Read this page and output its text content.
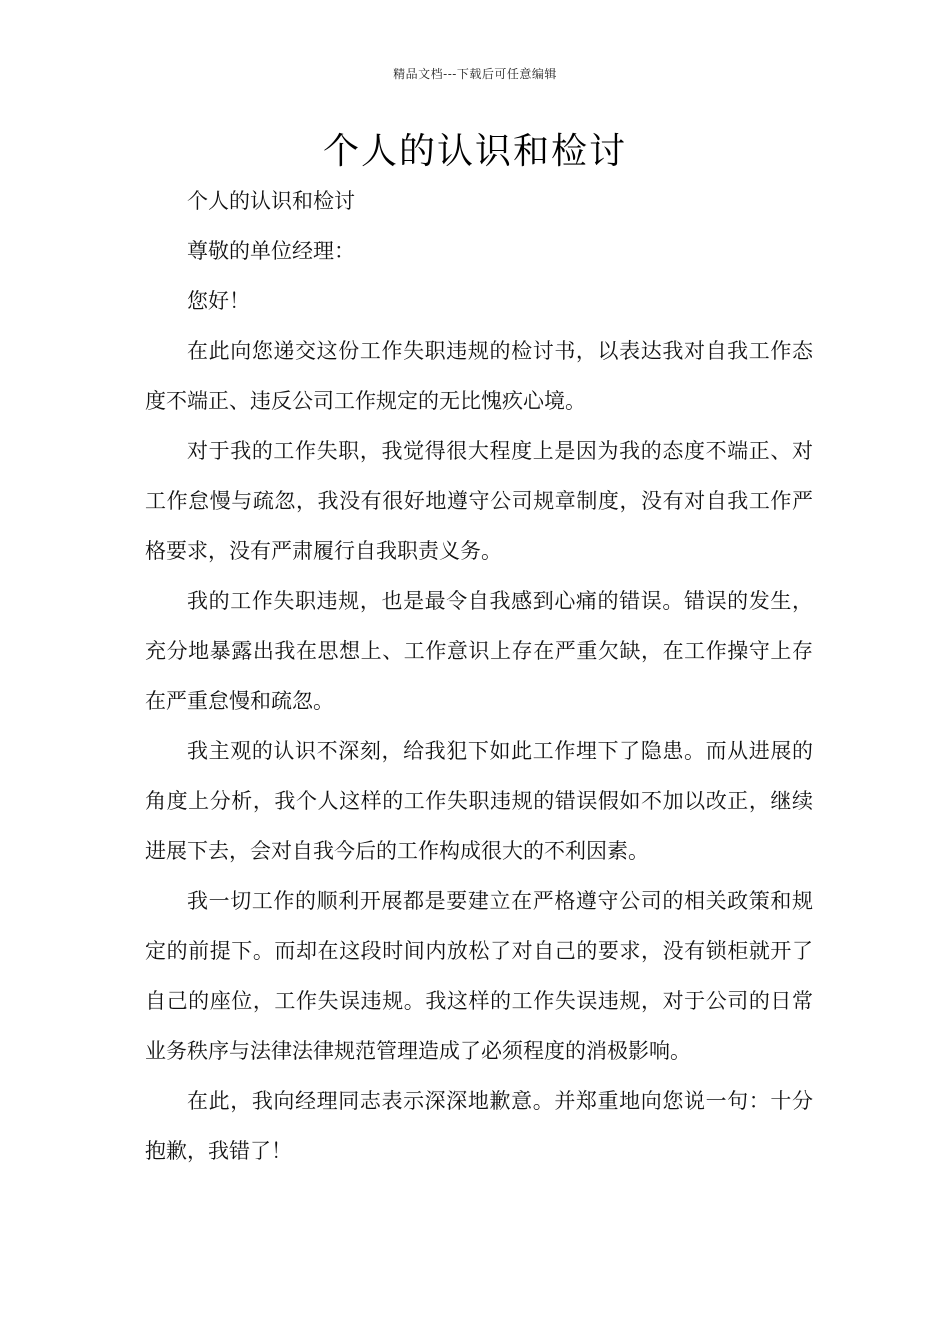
精品文档---下载后可任意编辑
个人的认识和检讨

个人的认识和检讨

尊敬的单位经理：

您好！

在此向您递交这份工作失职违规的检讨书，以表达我对自我工作态度不端正、违反公司工作规定的无比愧疚心境。

对于我的工作失职，我觉得很大程度上是因为我的态度不端正、对工作怠慢与疏忽，我没有很好地遵守公司规章制度，没有对自我工作严格要求，没有严肃履行自我职责义务。

我的工作失职违规，也是最令自我感到心痛的错误。错误的发生，充分地暴露出我在思想上、工作意识上存在严重欠缺，在工作操守上存在严重怠慢和疏忽。

我主观的认识不深刻，给我犯下如此工作埋下了隐患。而从进展的角度上分析，我个人这样的工作失职违规的错误假如不加以改正，继续进展下去，会对自我今后的工作构成很大的不利因素。

我一切工作的顺利开展都是要建立在严格遵守公司的相关政策和规定的前提下。而却在这段时间内放松了对自己的要求，没有锁柜就开了自己的座位，工作失误违规。我这样的工作失误违规，对于公司的日常业务秩序与法律法律规范管理造成了必须程度的消极影响。

在此，我向经理同志表示深深地歉意。并郑重地向您说一句：十分抱歉，我错了！
